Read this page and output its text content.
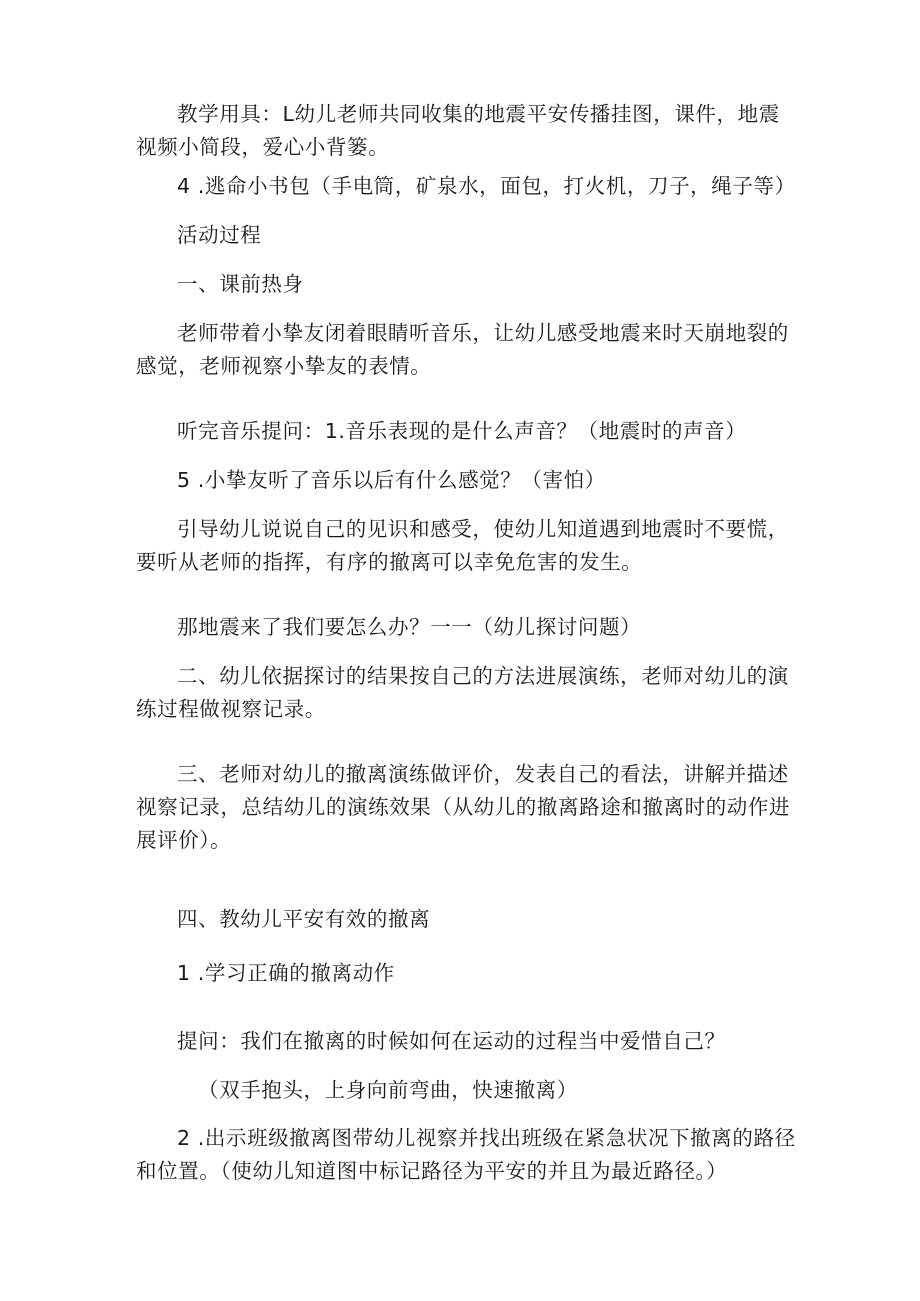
教学用具：L幼儿老师共同收集的地震平安传播挂图，课件，地震视频小简段，爱心小背篓。

4 .逃命小书包（手电筒，矿泉水，面包，打火机，刀子，绳子等）

活动过程

一、课前热身

老师带着小挚友闭着眼睛听音乐，让幼儿感受地震来时天崩地裂的感觉，老师视察小挚友的表情。

听完音乐提问：1.音乐表现的是什么声音？（地震时的声音）

5 .小挚友听了音乐以后有什么感觉？（害怕）

引导幼儿说说自己的见识和感受，使幼儿知道遇到地震时不要慌，要听从老师的指挥，有序的撤离可以幸免危害的发生。

那地震来了我们要怎么办？一一（幼儿探讨问题）

二、幼儿依据探讨的结果按自己的方法进展演练，老师对幼儿的演练过程做视察记录。

三、老师对幼儿的撤离演练做评价，发表自己的看法，讲解并描述视察记录，总结幼儿的演练效果（从幼儿的撤离路途和撤离时的动作进展评价）。

四、教幼儿平安有效的撤离

1 .学习正确的撤离动作

提问：我们在撤离的时候如何在运动的过程当中爱惜自己？

（双手抱头，上身向前弯曲，快速撤离）

2 .出示班级撤离图带幼儿视察并找出班级在紧急状况下撤离的路径和位置。（使幼儿知道图中标记路径为平安的并且为最近路径。）
